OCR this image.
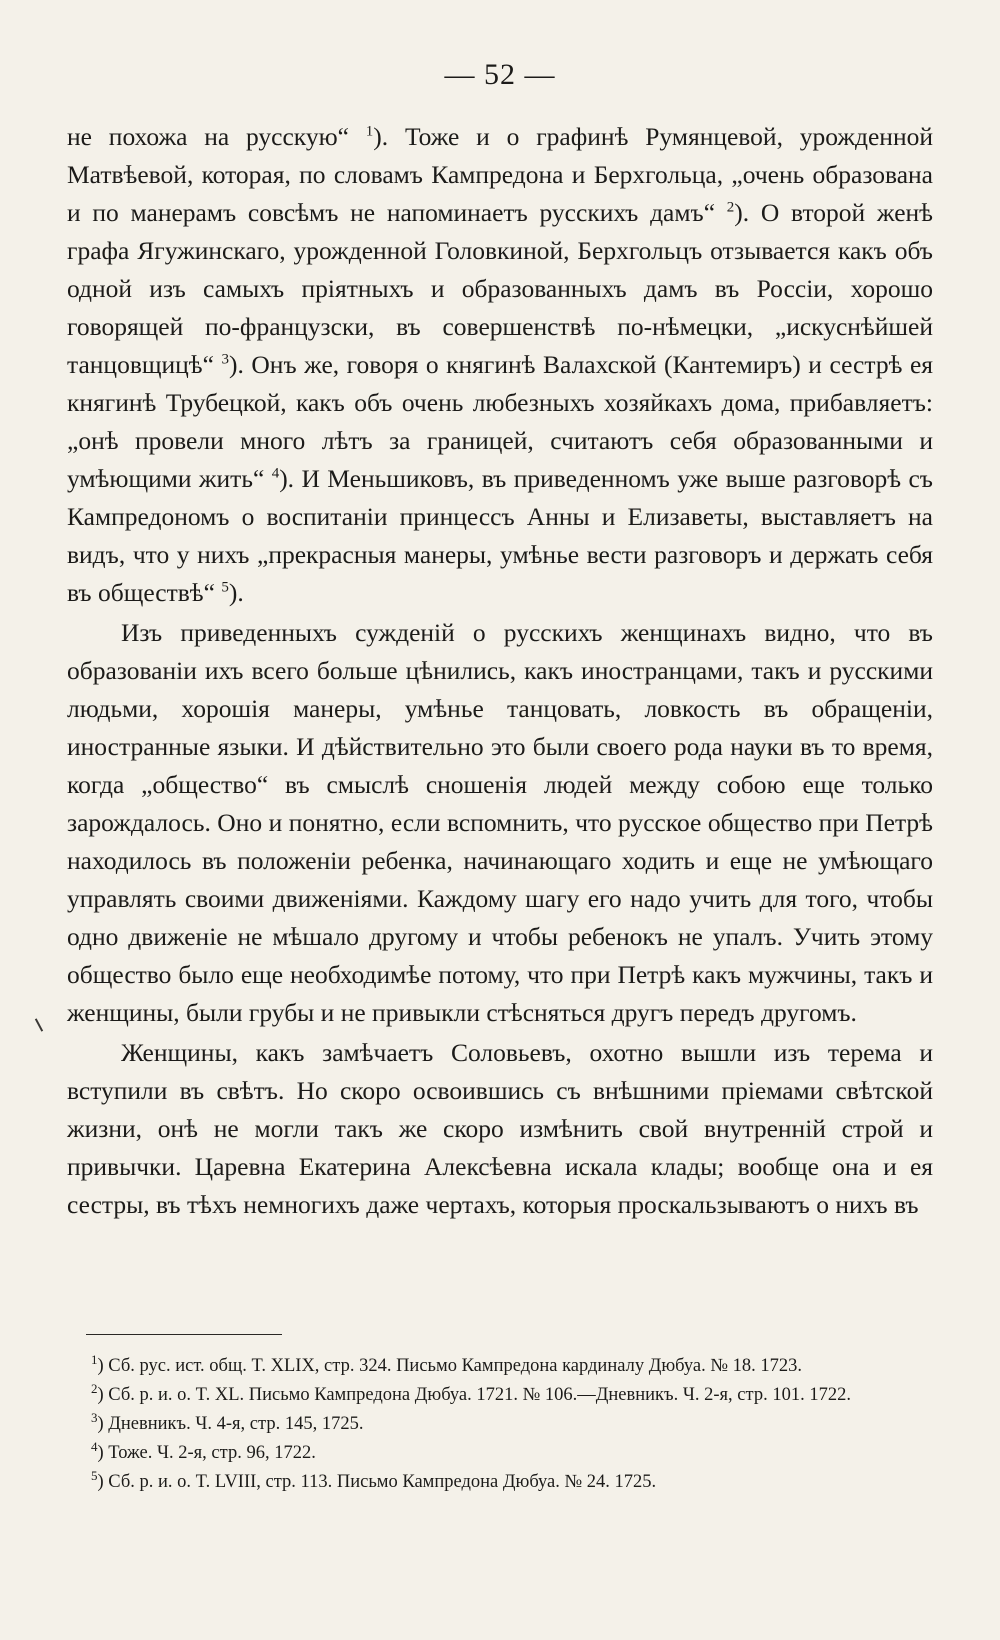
— 52 —

не похожа на русскую“ $^1$). Тоже и о графинѣ Румянцевой, урожденной Матвѣевой, которая, по словамъ Кампредона и Берхгольца, „очень образована и по манерамъ совсѣмъ не напоминаетъ русскихъ дамъ“ $^2$). О второй женѣ графа Ягужинскаго, урожденной Головкиной, Берхгольцъ отзывается какъ объ одной изъ самыхъ пріятныхъ и образованныхъ дамъ въ Россіи, хорошо говорящей по-французски, въ совершенствѣ по-нѣмецки, „искуснѣйшей танцовщицѣ“ $^3$). Онъ же, говоря о княгинѣ Валахской (Кантемиръ) и сестрѣ ея княгинѣ Трубецкой, какъ объ очень любезныхъ хозяйкахъ дома, прибавляетъ: „онѣ провели много лѣтъ за границей, считаютъ себя образованными и умѣющими жить“ $^4$). И Меньшиковъ, въ приведенномъ уже выше разговорѣ съ Кампредономъ о воспитаніи принцессъ Анны и Елизаветы, выставляетъ на видъ, что у нихъ „прекрасныя манеры, умѣнье вести разговоръ и держать себя въ обществѣ“ $^5$).

Изъ приведенныхъ сужденій о русскихъ женщинахъ видно, что въ образованіи ихъ всего больше цѣнились, какъ иностранцами, такъ и русскими людьми, хорошія манеры, умѣнье танцовать, ловкость въ обращеніи, иностранные языки. И дѣйствительно это были своего рода науки въ то время, когда „общество“ въ смыслѣ сношенія людей между собою еще только зарождалось. Оно и понятно, если вспомнить, что русское общество при Петрѣ находилось въ положеніи ребенка, начинающаго ходить и еще не умѣющаго управлять своими движеніями. Каждому шагу его надо учить для того, чтобы одно движеніе не мѣшало другому и чтобы ребенокъ не упалъ. Учить этому общество было еще необходимѣе потому, что при Петрѣ какъ мужчины, такъ и женщины, были грубы и не привыкли стѣсняться другъ передъ другомъ.

Женщины, какъ замѣчаетъ Соловьевъ, охотно вышли изъ терема и вступили въ свѣтъ. Но скоро освоившись съ внѣшними пріемами свѣтской жизни, онѣ не могли такъ же скоро измѣнить свой внутренній строй и привычки. Царевна Екатерина Алексѣевна искала клады; вообще она и ея сестры, въ тѣхъ немногихъ даже чертахъ, которыя проскальзываютъ о нихъ въ

$^1$) Сб. рус. ист. общ. T. XLIX, стр. 324. Письмо Кампредона кардиналу Дюбуа. № 18. 1723.

$^2$) Сб. р. и. о. T. XL. Письмо Кампредона Дюбуа. 1721. № 106.—Дневникъ. Ч. 2-я, стр. 101. 1722.

$^3$) Дневникъ. Ч. 4-я, стр. 145, 1725.

$^4$) Тоже. Ч. 2-я, стр. 96, 1722.

$^5$) Сб. р. и. о. T. LVIII, стр. 113. Письмо Кампредона Дюбуа. № 24. 1725.
